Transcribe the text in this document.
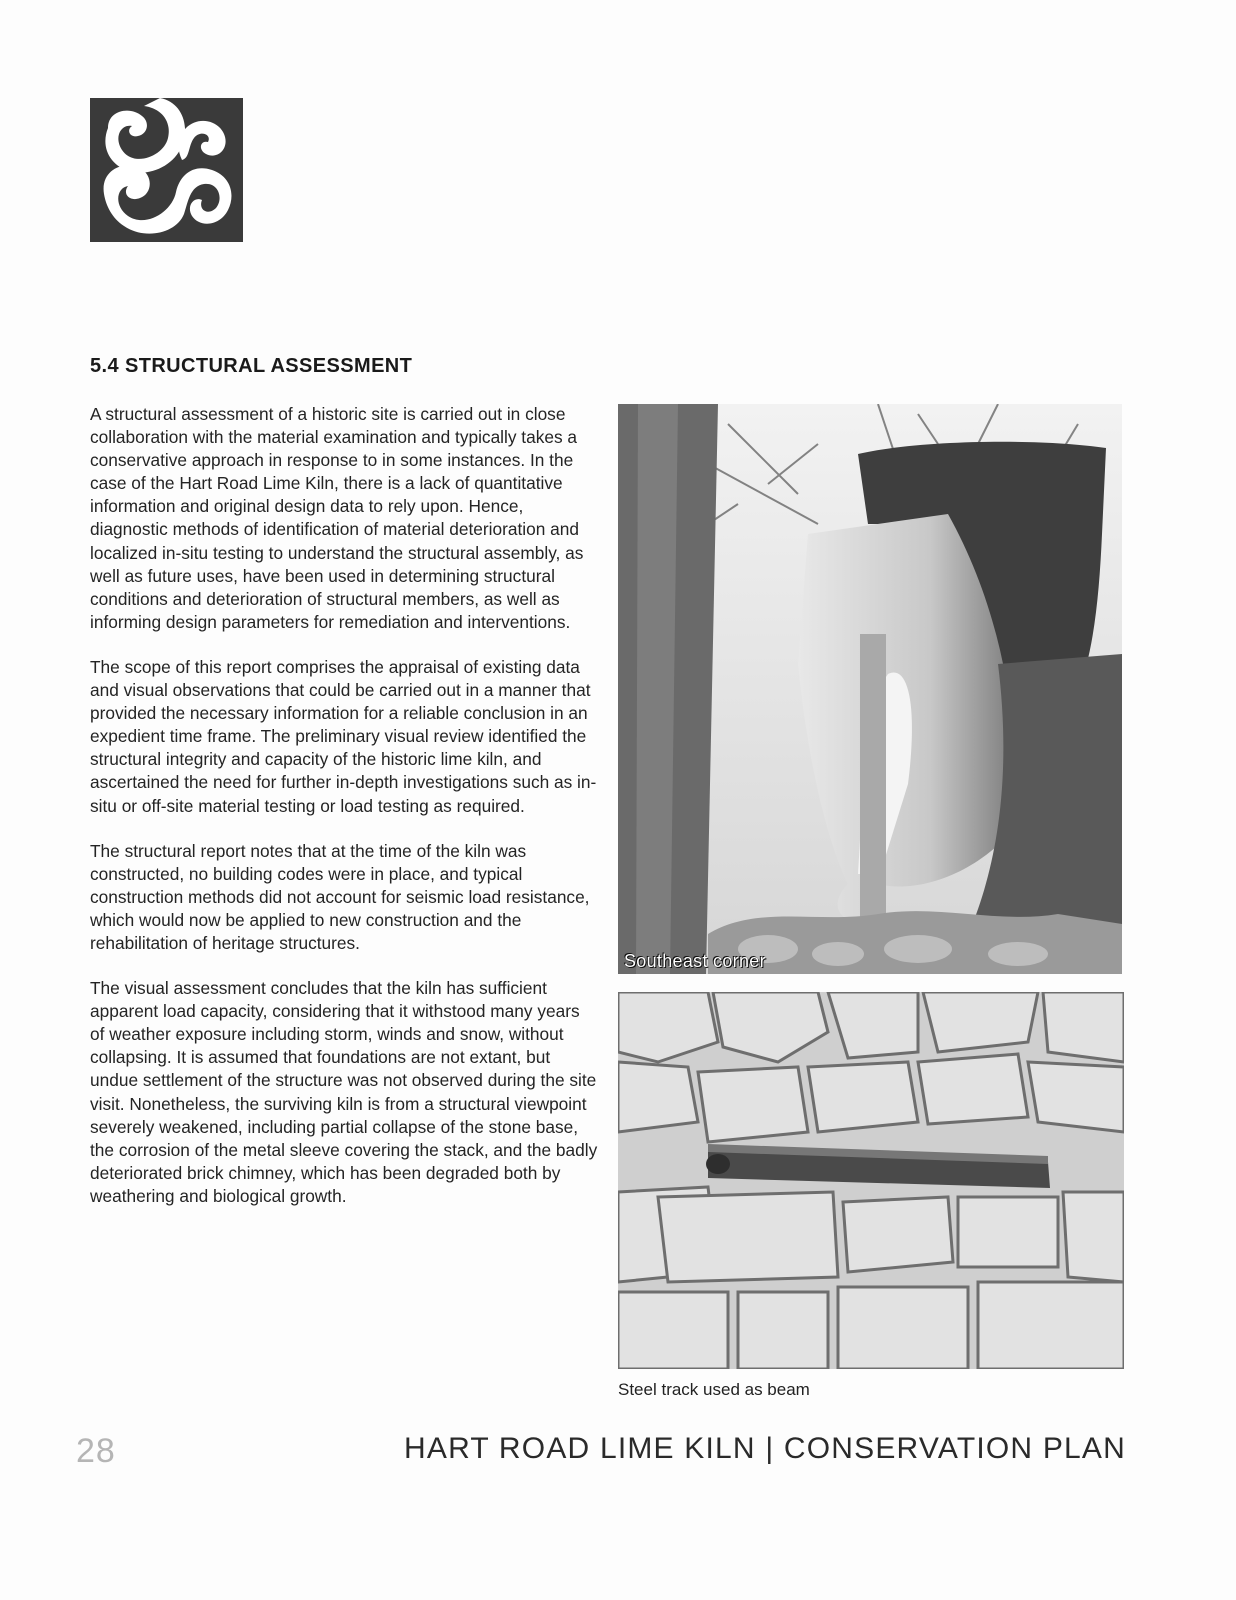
5.4 STRUCTURAL ASSESSMENT

A structural assessment of a historic site is carried out in close collaboration with the material examination and typically takes a conservative approach in response to in some instances. In the case of the Hart Road Lime Kiln, there is a lack of quantitative information and original design data to rely upon. Hence, diagnostic methods of identification of material deterioration and localized in-situ testing to understand the structural assembly, as well as future uses, have been used in determining structural conditions and deterioration of structural members, as well as informing design parameters for remediation and interventions.

The scope of this report comprises the appraisal of existing data and visual observations that could be carried out in a manner that provided the necessary information for a reliable conclusion in an expedient time frame. The preliminary visual review identified the structural integrity and capacity of the historic lime kiln, and ascertained the need for further in-depth investigations such as in-situ or off-site material testing or load testing as required.

The structural report notes that at the time of the kiln was constructed, no building codes were in place, and typical construction methods did not account for seismic load resistance, which would now be applied to new construction and the rehabilitation of heritage structures.

The visual assessment concludes that the kiln has sufficient apparent load capacity, considering that it withstood many years of weather exposure including storm, winds and snow, without collapsing. It is assumed that foundations are not extant, but undue settlement of the structure was not observed during the site visit. Nonetheless, the surviving kiln is from a structural viewpoint severely weakened, including partial collapse of the stone base, the corrosion of the metal sleeve covering the stack, and the badly deteriorated brick chimney, which has been degraded both by weathering and biological growth.

Southeast corner
Steel track used as beam
28	HART ROAD LIME KILN | CONSERVATION PLAN
